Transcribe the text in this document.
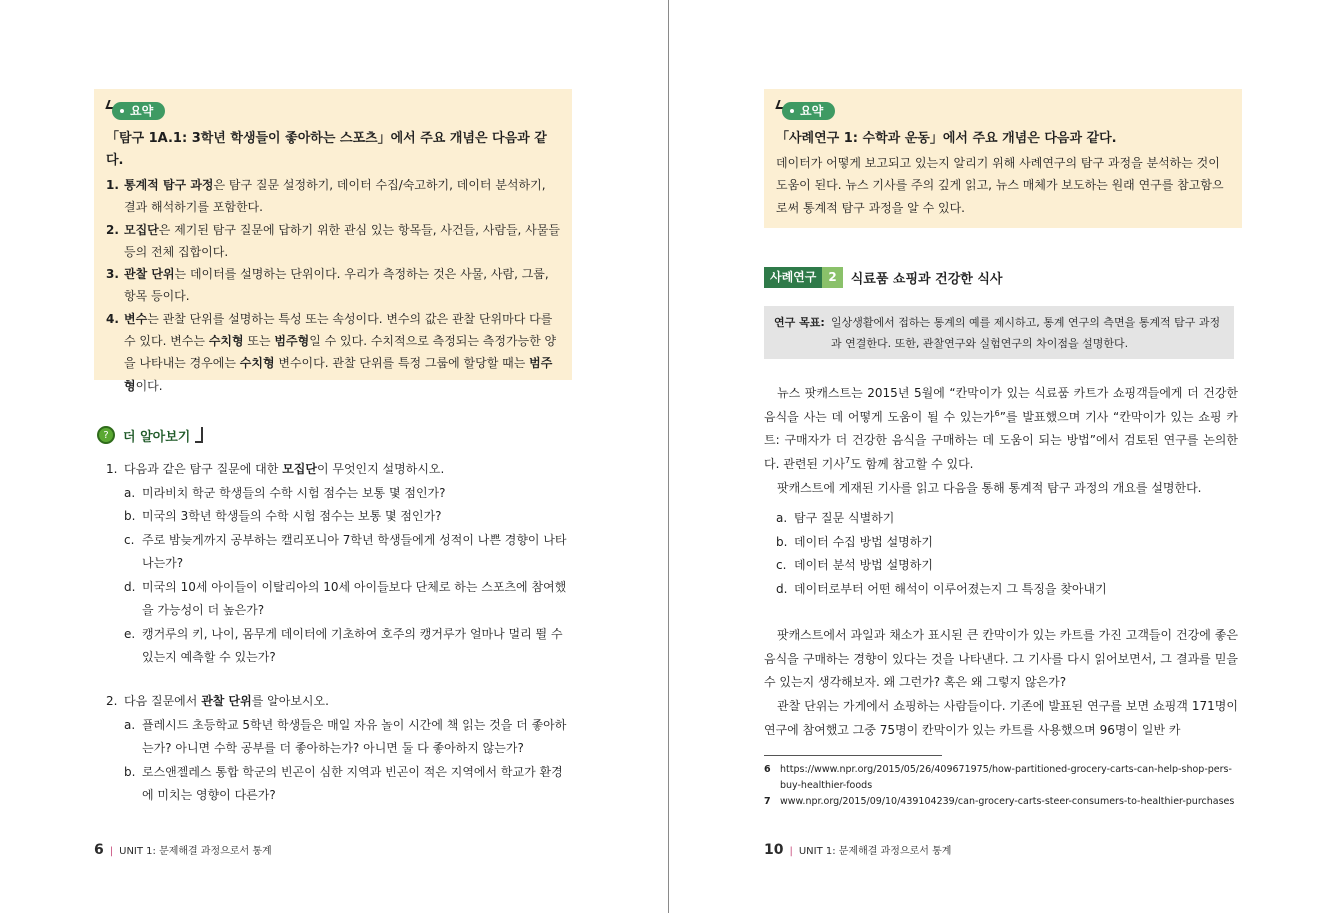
요약

「탐구 1A.1: 3학년 학생들이 좋아하는 스포츠」에서 주요 개념은 다음과 같다.

1. 통계적 탐구 과정은 탐구 질문 설정하기, 데이터 수집/숙고하기, 데이터 분석하기, 결과 해석하기를 포함한다.
2. 모집단은 제기된 탐구 질문에 답하기 위한 관심 있는 항목들, 사건들, 사람들, 사물들 등의 전체 집합이다.
3. 관찰 단위는 데이터를 설명하는 단위이다. 우리가 측정하는 것은 사물, 사람, 그룹, 항목 등이다.
4. 변수는 관찰 단위를 설명하는 특성 또는 속성이다. 변수의 값은 관찰 단위마다 다를 수 있다. 변수는 수치형 또는 범주형일 수 있다. 수치적으로 측정되는 측정가능한 양을 나타내는 경우에는 수치형 변수이다. 관찰 단위를 특정 그룹에 할당할 때는 범주형이다.
?	더 알아보기
1. 다음과 같은 탐구 질문에 대한 모집단이 무엇인지 설명하시오.
a. 미라비치 학군 학생들의 수학 시험 점수는 보통 몇 점인가?
b. 미국의 3학년 학생들의 수학 시험 점수는 보통 몇 점인가?
c. 주로 밤늦게까지 공부하는 캘리포니아 7학년 학생들에게 성적이 나쁜 경향이 나타나는가?
d. 미국의 10세 아이들이 이탈리아의 10세 아이들보다 단체로 하는 스포츠에 참여했을 가능성이 더 높은가?
e. 캥거루의 키, 나이, 몸무게 데이터에 기초하여 호주의 캥거루가 얼마나 멀리 뛸 수 있는지 예측할 수 있는가?
2. 다음 질문에서 관찰 단위를 알아보시오.
a. 플레시드 초등학교 5학년 학생들은 매일 자유 놀이 시간에 책 읽는 것을 더 좋아하는가? 아니면 수학 공부를 더 좋아하는가? 아니면 둘 다 좋아하지 않는가?
b. 로스앤젤레스 통합 학군의 빈곤이 심한 지역과 빈곤이 적은 지역에서 학교가 환경에 미치는 영향이 다른가?
6 | UNIT 1: 문제해결 과정으로서 통계
요약

「사례연구 1: 수학과 운동」에서 주요 개념은 다음과 같다.

데이터가 어떻게 보고되고 있는지 알리기 위해 사례연구의 탐구 과정을 분석하는 것이 도움이 된다. 뉴스 기사를 주의 깊게 읽고, 뉴스 매체가 보도하는 원래 연구를 참고함으로써 통계적 탐구 과정을 알 수 있다.

사례연구	2	식료품 쇼핑과 건강한 식사
연구 목표: 일상생활에서 접하는 통계의 예를 제시하고, 통계 연구의 측면을 통계적 탐구 과정과 연결한다. 또한, 관찰연구와 실험연구의 차이점을 설명한다.

뉴스 팟캐스트는 2015년 5월에 “칸막이가 있는 식료품 카트가 쇼핑객들에게 더 건강한 음식을 사는 데 어떻게 도움이 될 수 있는가$^6$”를 발표했으며 기사 “칸막이가 있는 쇼핑 카트: 구매자가 더 건강한 음식을 구매하는 데 도움이 되는 방법”에서 검토된 연구를 논의한다. 관련된 기사$^7$도 함께 참고할 수 있다.

팟캐스트에 게재된 기사를 읽고 다음을 통해 통계적 탐구 과정의 개요를 설명한다.

a. 탐구 질문 식별하기
b. 데이터 수집 방법 설명하기
c. 데이터 분석 방법 설명하기
d. 데이터로부터 어떤 해석이 이루어졌는지 그 특징을 찾아내기

팟캐스트에서 과일과 채소가 표시된 큰 칸막이가 있는 카트를 가진 고객들이 건강에 좋은 음식을 구매하는 경향이 있다는 것을 나타낸다. 그 기사를 다시 읽어보면서, 그 결과를 믿을 수 있는지 생각해보자. 왜 그런가? 혹은 왜 그렇지 않은가?

관찰 단위는 가게에서 쇼핑하는 사람들이다. 기존에 발표된 연구를 보면 쇼핑객 171명이 연구에 참여했고 그중 75명이 칸막이가 있는 카트를 사용했으며 96명이 일반 카

6 https://www.npr.org/2015/05/26/409671975/how-partitioned-grocery-carts-can-help-shop-pers-buy-healthier-foods
7 www.npr.org/2015/09/10/439104239/can-grocery-carts-steer-consumers-to-healthier-purchases
10 | UNIT 1: 문제해결 과정으로서 통계
